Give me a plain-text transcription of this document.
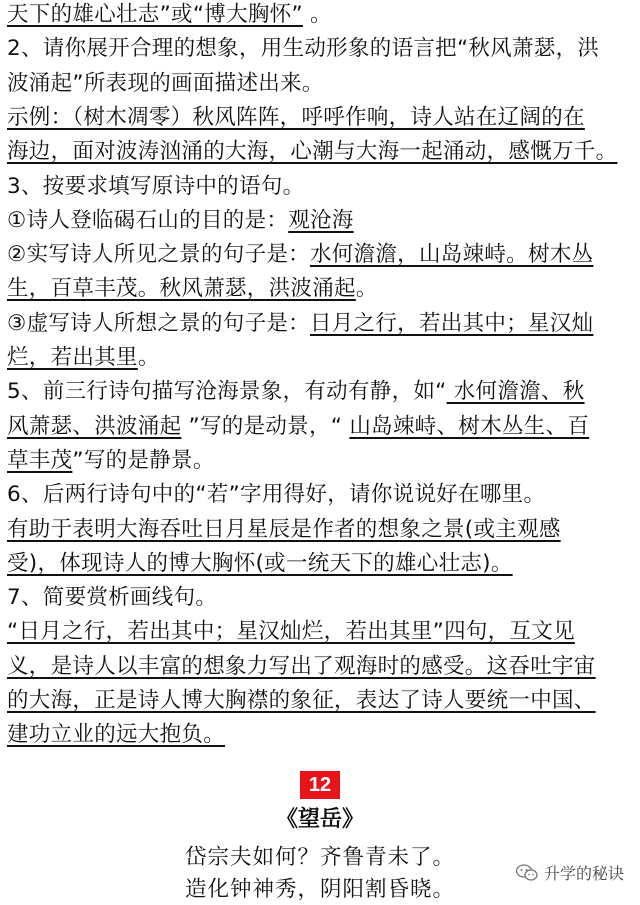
天下的雄心壮志”或“博大胸怀” 。
2、请你展开合理的想象，用生动形象的语言把“秋风萧瑟，洪
波涌起”所表现的画面描述出来。
示例：（树木凋零）秋风阵阵，呼呼作响，诗人站在辽阔的在
海边，面对波涛汹涌的大海，心潮与大海一起涌动，感慨万千。
3、按要求填写原诗中的语句。
①诗人登临碣石山的目的是：观沧海
②实写诗人所见之景的句子是：水何澹澹，山岛竦峙。树木丛
生，百草丰茂。秋风萧瑟，洪波涌起。
③虚写诗人所想之景的句子是：日月之行，若出其中；星汉灿
烂，若出其里。
5、前三行诗句描写沧海景象，有动有静，如“ 水何澹澹、秋
风萧瑟、洪波涌起 ”写的是动景，“ 山岛竦峙、树木丛生、百
草丰茂”写的是静景。
6、后两行诗句中的“若”字用得好，请你说说好在哪里。
有助于表明大海吞吐日月星辰是作者的想象之景(或主观感
受)，体现诗人的博大胸怀(或一统天下的雄心壮志)。
7、简要赏析画线句。
“日月之行，若出其中；星汉灿烂，若出其里”四句，互文见
义，是诗人以丰富的想象力写出了观海时的感受。这吞吐宇宙
的大海，正是诗人博大胸襟的象征，表达了诗人要统一中国、
建功立业的远大抱负。
12
《望岳》
岱宗夫如何？齐鲁青未了。
造化钟神秀，阴阳割昏晓。
升学的秘诀
